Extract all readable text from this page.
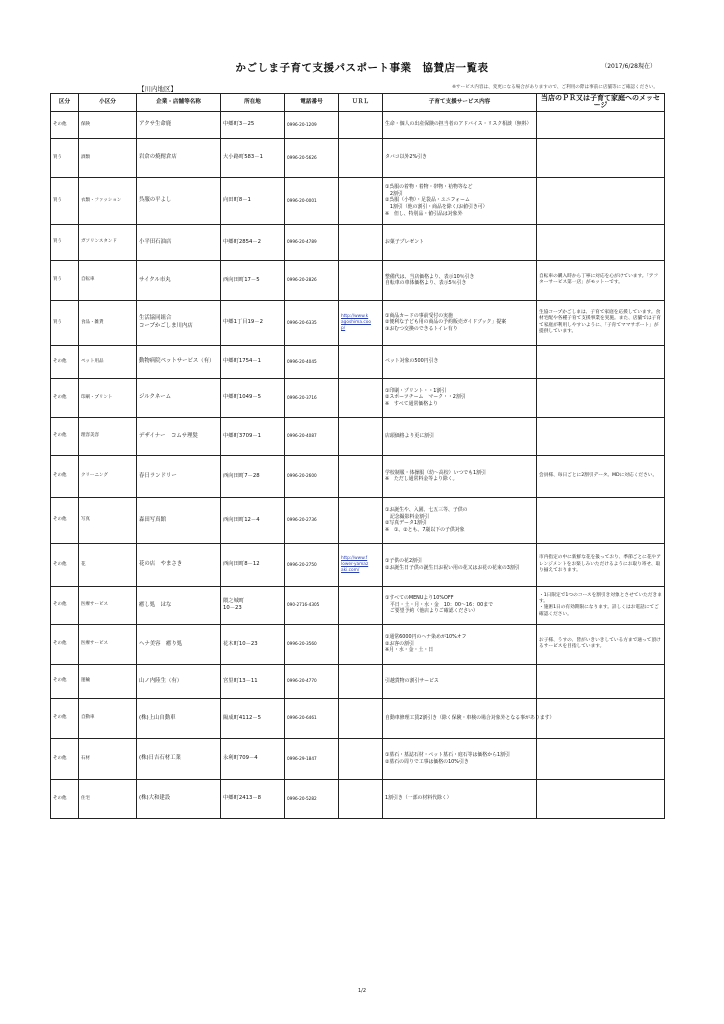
かごしま子育て支援パスポート事業　協賛店一覧表	（2017/6/28現在）
【川内地区】	※サービス内容は、変更になる場合がありますので、ご利用の際は事前に店舗等にご確認ください。
区分	小区分	企業・店舗等名称	所在地	電話番号	ＵＲＬ	子育て支援サービス内容	当店のＰＲ又は子育て家庭へのメッセージ
その他	保険	アクサ生命鹿	中郷町3－25	0996-20-1209		生命・個人の出産保険の担当者のアドバイス・リスク相談（無料）	

買う	酒類	岩倉の焼酎倉店	大小路町583－1	0996-20-5626		タバコ以外2%引き	

買う	衣類・ファッション	呉服の平よし	向田町8－1	0996-20-0001		①呉服の着物・着物・帯物・袷物等など
　2割引
②呉服（小物）・足袋品・ユニフォーム
　1割引（他の割引・商品を除く/お値引き可）
※　但し、特別品・値引品は対象外	

買う	ガソリンスタンド	小平田石油店	中郷町2854－2	0996-20-4789		お菓子プレゼント	

買う	自転車	サイクル市丸	西向田町17－5	0996-20-2826		整備代は、当店価格より、表示10％引き
自転車の車体価格より、表示5％引き	自転車の購入時から丁寧に対応を心がけています。「アフターサービス第一店」がモットーです。

買う	食品・雑貨	生活協同組合
コープかごしま川内店	中郷1丁目19－2	0996-20-6335	http://www.k
agoshima.coo
p/	①商品カードの事前受付の実施
②便利な子ども用の商品の予約販売ガイドブック」提案
③おむつ交換のできるトイレ有り	生協コープかごしまは、子育て家庭を応援しています。食材宅配や各種子育て支援事業を実施。また、店舗では子育て家庭が利用しやすいように、「子育てママサポート」が提供しています。

その他	ペット用品	動物病院ペットサービス（有）	中郷町1754－1	0996-20-4045		ペット対象の500円引き	

その他	印刷・プリント	ジルクネーム	中郷町1049－5	0996-20-3716		①印刷・プリント・・1割引
②スポーツチーム　マーク・・2割引
※　すべて通常価格より	

その他	理容美容	デザイナー　コムサ理髪	中郷町3709－1	0996-20-4087		店頭価格より更に割引	

その他	クリーニング	春日ランドリー	西向田町7－28	0996-20-2600		学校制服・体操服（幼～高校）いつでも1割引
※　ただし通常料金等より除く。	会員様、毎日ごとに2割引データ。MDに対応ください。

その他	写真	森田写真館	西向田町12－4	0996-20-2736		①お誕生や、入園、七五三等、子供の
　記念撮影料金割引
②写真データ1割引
※　①、②とも、7歳以下の子供対象	

その他	花	花の店　やまさき	西向田町8－12	0996-20-2750	http://www.f
lower-yamaz
aki.com/	①子供の花2割引
②お誕生日子供の誕生日お祝い用の花又はお花の花束の3割引	市内指定の中に新鮮な花を扱っており、季節ごとに花やアレンジメントをお楽しみいただけるようにお取り寄せ、取り揃えております。

その他	医療サービス	癒し処　はな	隈之城町
10－23	090-2716-4305		①すべてのMENUより10%OFF
　平日・土・月・水・金　10：00～16：00まで
　ご要望予約（他店よりご確認ください）	・1日限定で1つのコースを割引き対象とさせていただきます。
・施術1日の有効期限になります。詳しくはお電話にてご確認ください。

その他	医療サービス	ヘナ美容　癒り処	花木町10－23	0996-20-3560		①通常6000円のヘナ染めが10%オフ
②お客の割引
※月・水・金・土・日	お子様、うすの、皆がいきいきしている方まで通って頂けるサービスを目指しています。

その他	運輸	山ノ内陸生（有）	宮里町13－11	0996-20-4770		引越貨物の割引サービス	

その他	自動車	(株)上山自動車	陽成町4112－5	0996-20-6461		自動車修理工賃2割引き（除く保険・車検の場合対象外となる事があります）	

その他	石材	(株)日吉石材工業	永利町709－4	0996-29-1847		①墓石・墓誌石材・ペット墓石・庭石等は価格から1割引
②墓石の周りで工事は価格の10%引き	

その他	住宅	(株)大和建設	中郷町2413－8	0996-20-5282		1割引き（一部の材料代除く）	

1/2
